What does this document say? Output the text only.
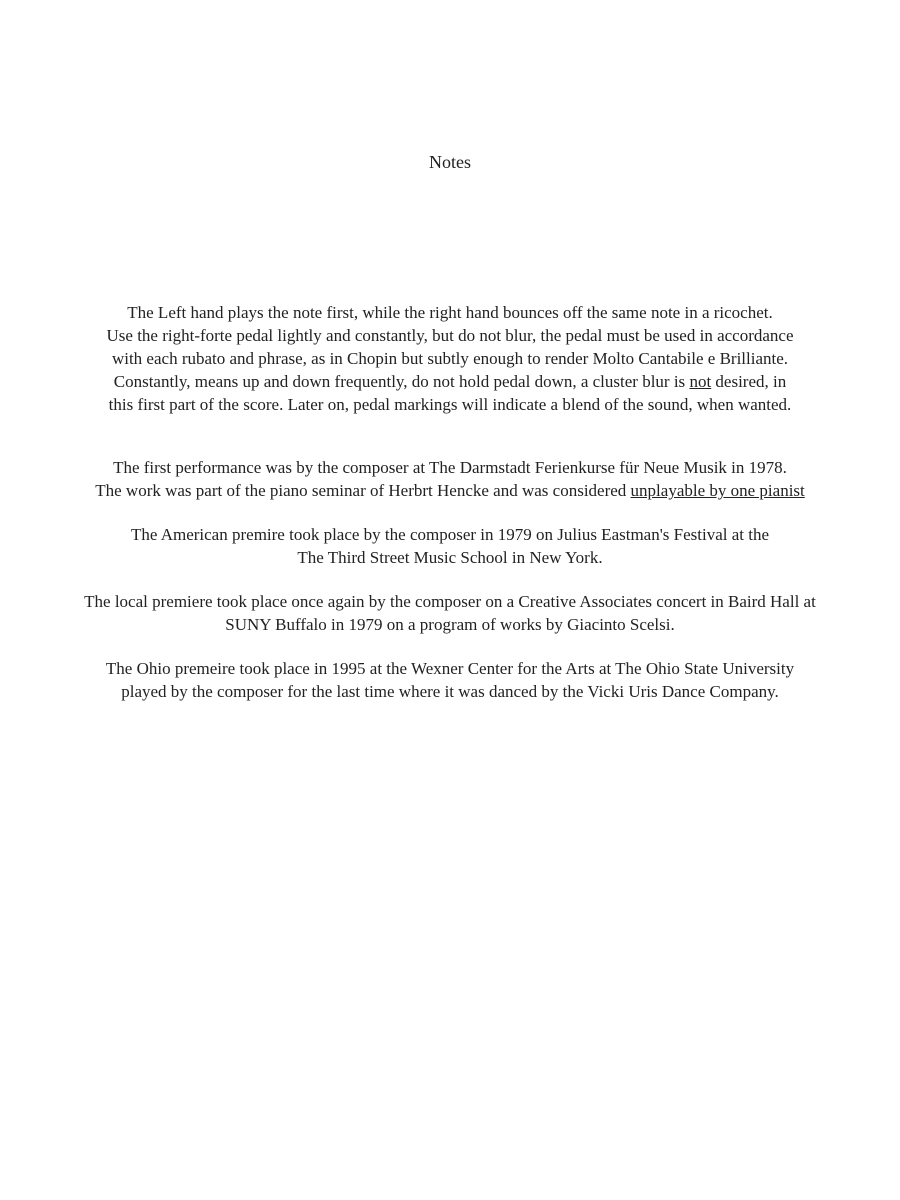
Notes
The Left hand plays the note first, while the right hand bounces off the same note in a ricochet.
Use the right-forte pedal lightly and constantly, but do not blur, the pedal must be used in accordance
with each rubato and phrase, as in Chopin but subtly enough to render Molto Cantabile e Brilliante.
Constantly, means up and down frequently, do not hold pedal down, a cluster blur is not desired, in
this first part of the score. Later on, pedal markings will indicate a blend of the sound, when wanted.
The first performance was by the composer at The Darmstadt Ferienkurse für Neue Musik in 1978.
The work was part of the piano seminar of Herbrt Hencke and was considered unplayable by one pianist
The American premire took place by the composer in 1979 on Julius Eastman's Festival at the
The Third Street Music School in New York.
The local premiere took place once again by the composer on a Creative Associates concert in Baird Hall at
SUNY Buffalo in 1979 on a program of works by Giacinto Scelsi.
The Ohio premeire took place in 1995 at the Wexner Center for the Arts at The Ohio State University
played by the composer for the last time where it was danced by the Vicki Uris Dance Company.
